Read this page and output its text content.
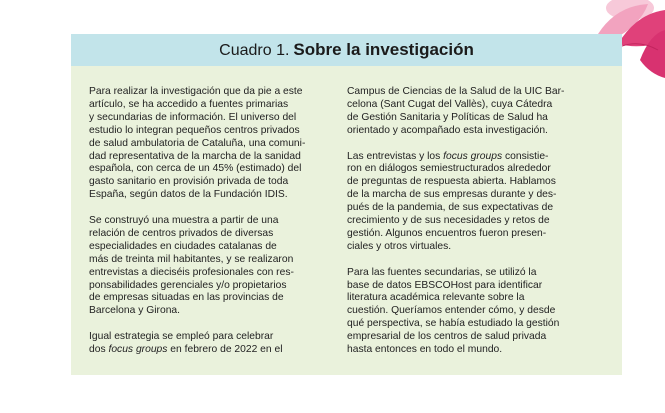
Cuadro 1. Sobre la investigación
Para realizar la investigación que da pie a este
artículo, se ha accedido a fuentes primarias
y secundarias de información. El universo del
estudio lo integran pequeños centros privados
de salud ambulatoria de Cataluña, una comuni-
dad representativa de la marcha de la sanidad
española, con cerca de un 45% (estimado) del
gasto sanitario en provisión privada de toda
España, según datos de la Fundación IDIS.
Se construyó una muestra a partir de una
relación de centros privados de diversas
especialidades en ciudades catalanas de
más de treinta mil habitantes, y se realizaron
entrevistas a dieciséis profesionales con res-
ponsabilidades gerenciales y/o propietarios
de empresas situadas en las provincias de
Barcelona y Girona.
Igual estrategia se empleó para celebrar
dos focus groups en febrero de 2022 en el
Campus de Ciencias de la Salud de la UIC Bar-
celona (Sant Cugat del Vallès), cuya Cátedra
de Gestión Sanitaria y Políticas de Salud ha
orientado y acompañado esta investigación.
Las entrevistas y los focus groups consistie-
ron en diálogos semiestructurados alrededor
de preguntas de respuesta abierta. Hablamos
de la marcha de sus empresas durante y des-
pués de la pandemia, de sus expectativas de
crecimiento y de sus necesidades y retos de
gestión. Algunos encuentros fueron presen-
ciales y otros virtuales.
Para las fuentes secundarias, se utilizó la
base de datos EBSCOHost para identificar
literatura académica relevante sobre la
cuestión. Queríamos entender cómo, y desde
qué perspectiva, se había estudiado la gestión
empresarial de los centros de salud privada
hasta entonces en todo el mundo.
